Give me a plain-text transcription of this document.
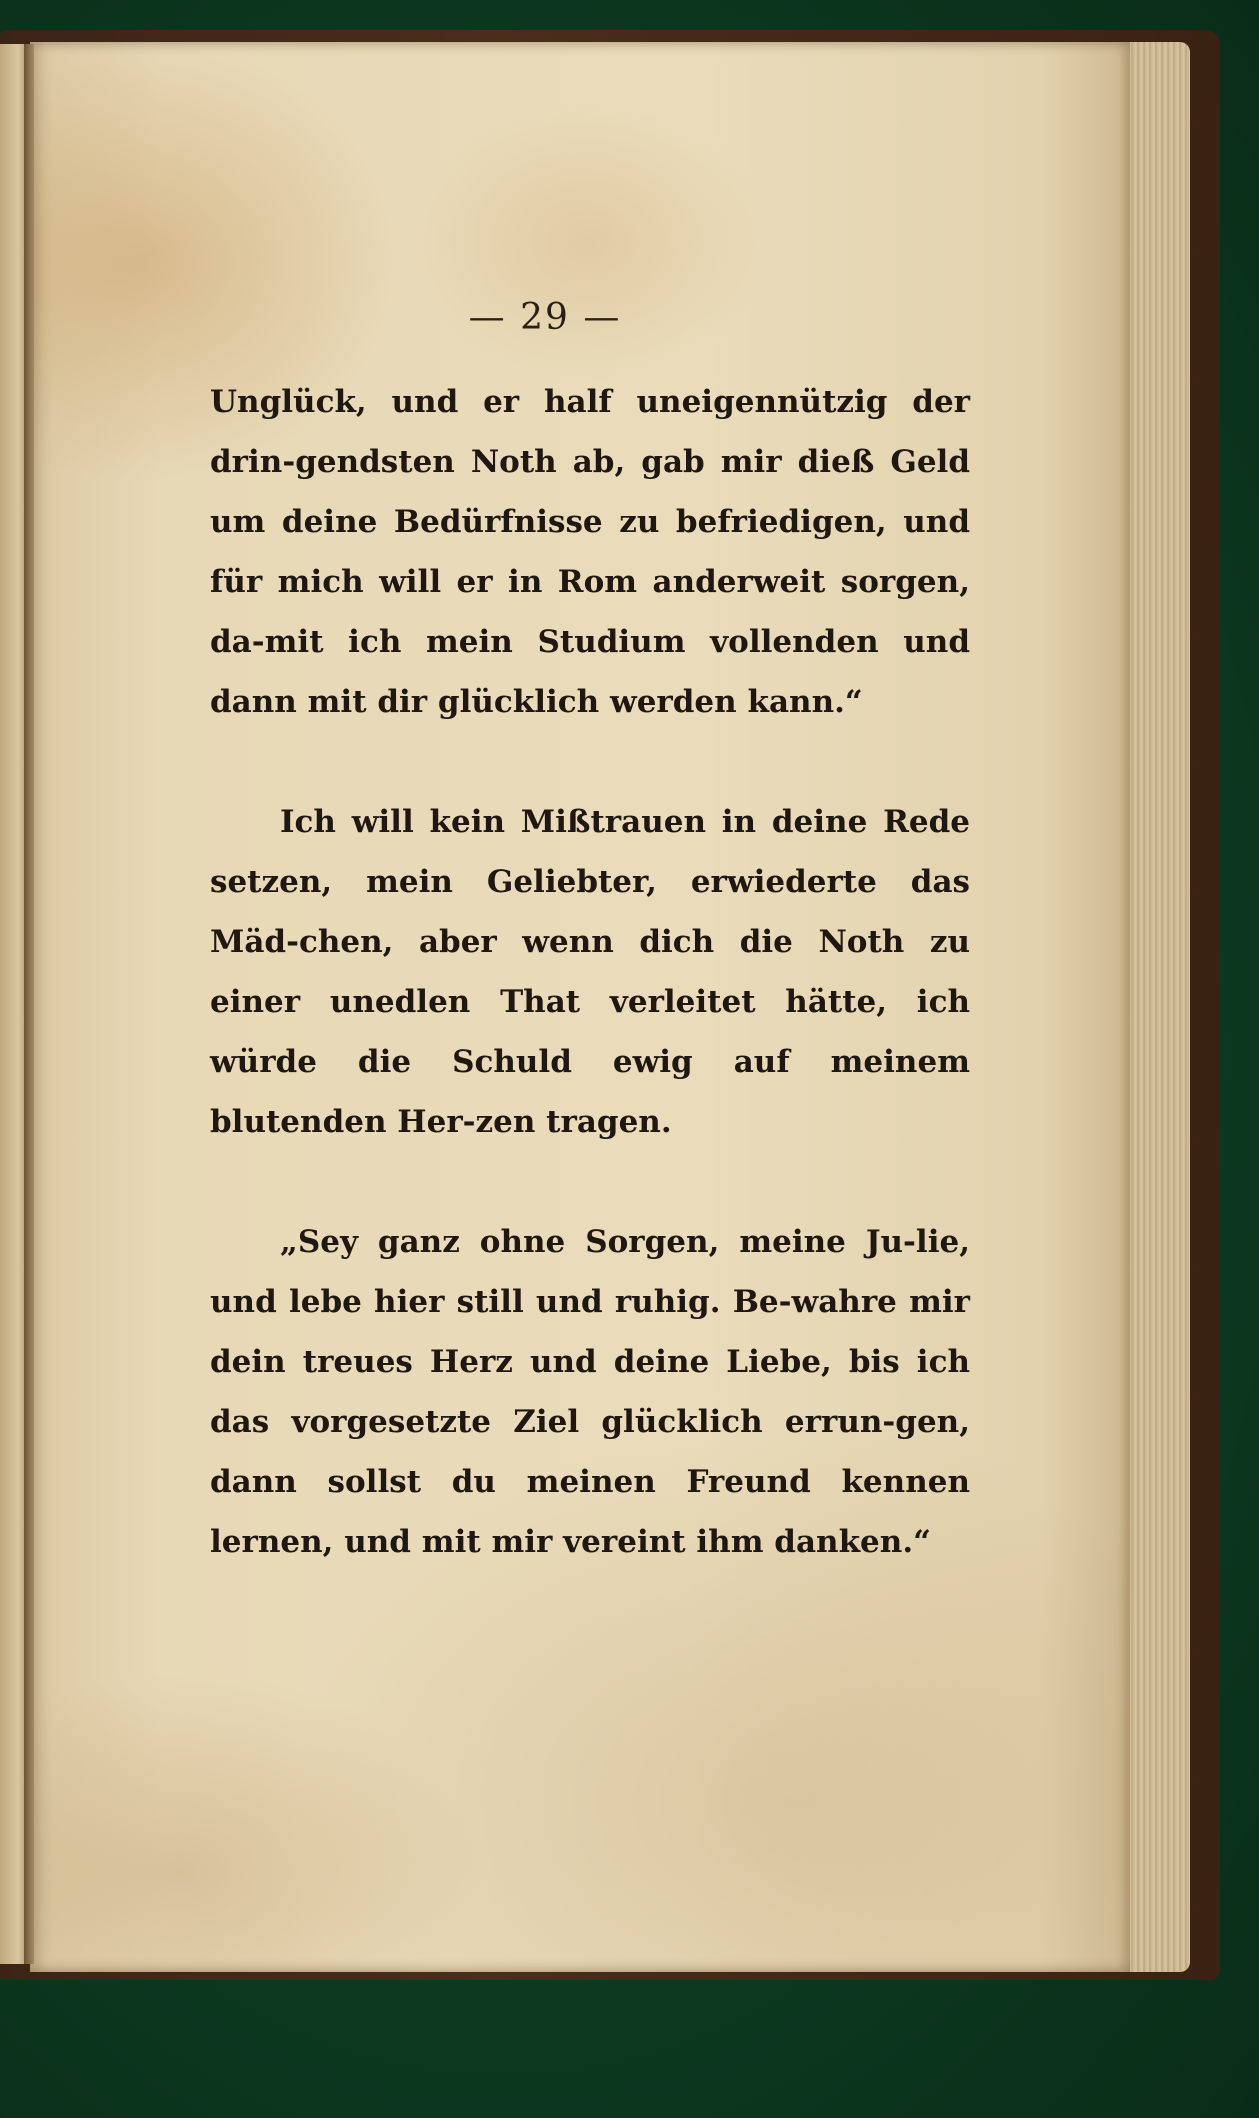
— 29 —

Unglück, und er half uneigennützig der drin-gendsten Noth ab, gab mir dieß Geld um deine Bedürfnisse zu befriedigen, und für mich will er in Rom anderweit sorgen, da-mit ich mein Studium vollenden und dann mit dir glücklich werden kann.“

Ich will kein Mißtrauen in deine Rede setzen, mein Geliebter, erwiederte das Mäd-chen, aber wenn dich die Noth zu einer unedlen That verleitet hätte, ich würde die Schuld ewig auf meinem blutenden Her-zen tragen.

„Sey ganz ohne Sorgen, meine Ju-lie, und lebe hier still und ruhig. Be-wahre mir dein treues Herz und deine Liebe, bis ich das vorgesetzte Ziel glücklich errun-gen, dann sollst du meinen Freund kennen lernen, und mit mir vereint ihm danken.“
